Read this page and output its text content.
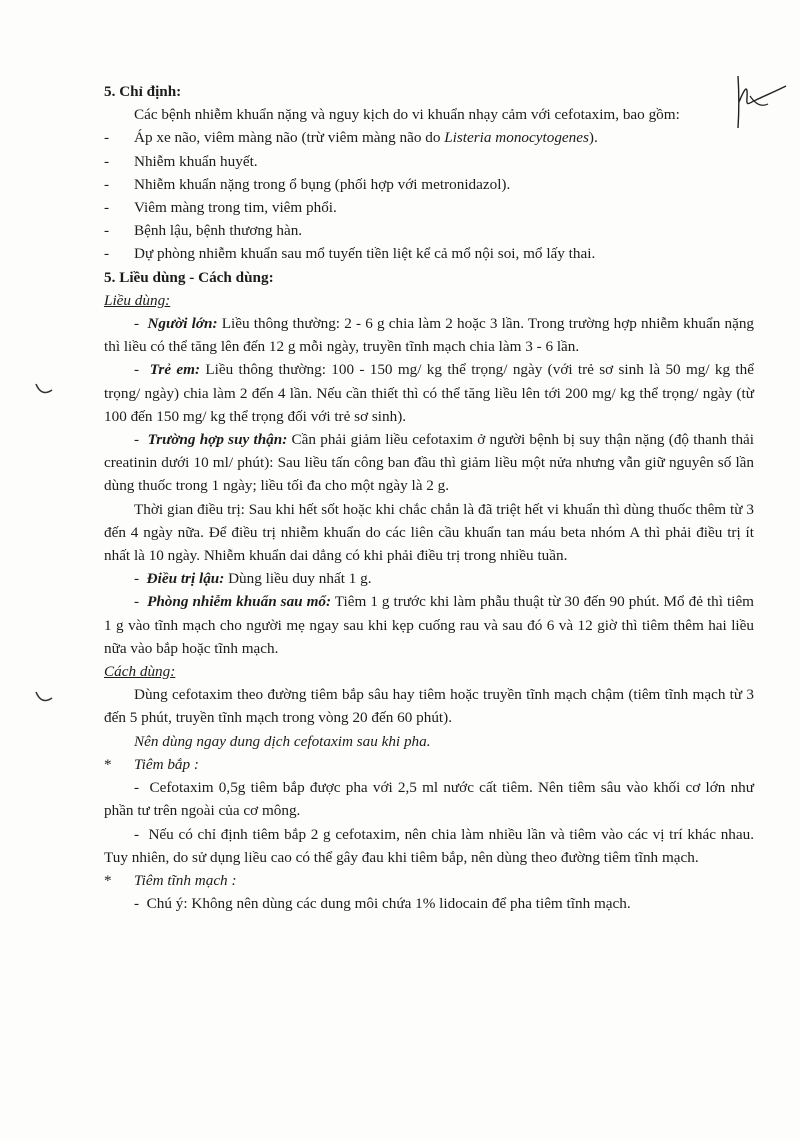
5. Chỉ định:

Các bệnh nhiễm khuẩn nặng và nguy kịch do vi khuẩn nhạy cảm với cefotaxim, bao gồm:

- Áp xe não, viêm màng não (trừ viêm màng não do Listeria monocytogenes).
- Nhiễm khuẩn huyết.
- Nhiễm khuẩn nặng trong ổ bụng (phối hợp với metronidazol).
- Viêm màng trong tim, viêm phổi.
- Bệnh lậu, bệnh thương hàn.
- Dự phòng nhiễm khuẩn sau mổ tuyến tiền liệt kể cả mổ nội soi, mổ lấy thai.

5. Liều dùng - Cách dùng:

Liều dùng:

- Người lớn: Liều thông thường: 2 - 6 g chia làm 2 hoặc 3 lần. Trong trường hợp nhiễm khuẩn nặng thì liều có thể tăng lên đến 12 g mỗi ngày, truyền tĩnh mạch chia làm 3 - 6 lần.

- Trẻ em: Liều thông thường: 100 - 150 mg/ kg thể trọng/ ngày (với trẻ sơ sinh là 50 mg/ kg thể trọng/ ngày) chia làm 2 đến 4 lần. Nếu cần thiết thì có thể tăng liều lên tới 200 mg/ kg thể trọng/ ngày (từ 100 đến 150 mg/ kg thể trọng đối với trẻ sơ sinh).

- Trường hợp suy thận: Cần phải giảm liều cefotaxim ở người bệnh bị suy thận nặng (độ thanh thải creatinin dưới 10 ml/ phút): Sau liều tấn công ban đầu thì giảm liều một nửa nhưng vẫn giữ nguyên số lần dùng thuốc trong 1 ngày; liều tối đa cho một ngày là 2 g.

Thời gian điều trị: Sau khi hết sốt hoặc khi chắc chắn là đã triệt hết vi khuẩn thì dùng thuốc thêm từ 3 đến 4 ngày nữa. Để điều trị nhiễm khuẩn do các liên cầu khuẩn tan máu beta nhóm A thì phải điều trị ít nhất là 10 ngày. Nhiễm khuẩn dai dẳng có khi phải điều trị trong nhiều tuần.

- Điều trị lậu: Dùng liều duy nhất 1 g.

- Phòng nhiễm khuẩn sau mổ: Tiêm 1 g trước khi làm phẫu thuật từ 30 đến 90 phút. Mổ đẻ thì tiêm 1 g vào tĩnh mạch cho người mẹ ngay sau khi kẹp cuống rau và sau đó 6 và 12 giờ thì tiêm thêm hai liều nữa vào bắp hoặc tĩnh mạch.

Cách dùng:

Dùng cefotaxim theo đường tiêm bắp sâu hay tiêm hoặc truyền tĩnh mạch chậm (tiêm tĩnh mạch từ 3 đến 5 phút, truyền tĩnh mạch trong vòng 20 đến 60 phút).

Nên dùng ngay dung dịch cefotaxim sau khi pha.

* Tiêm bắp :

- Cefotaxim 0,5g tiêm bắp được pha với 2,5 ml nước cất tiêm. Nên tiêm sâu vào khối cơ lớn như phần tư trên ngoài của cơ mông.

- Nếu có chỉ định tiêm bắp 2 g cefotaxim, nên chia làm nhiều lần và tiêm vào các vị trí khác nhau. Tuy nhiên, do sử dụng liều cao có thể gây đau khi tiêm bắp, nên dùng theo đường tiêm tĩnh mạch.

* Tiêm tĩnh mạch :

- Chú ý: Không nên dùng các dung môi chứa 1% lidocain để pha tiêm tĩnh mạch.
